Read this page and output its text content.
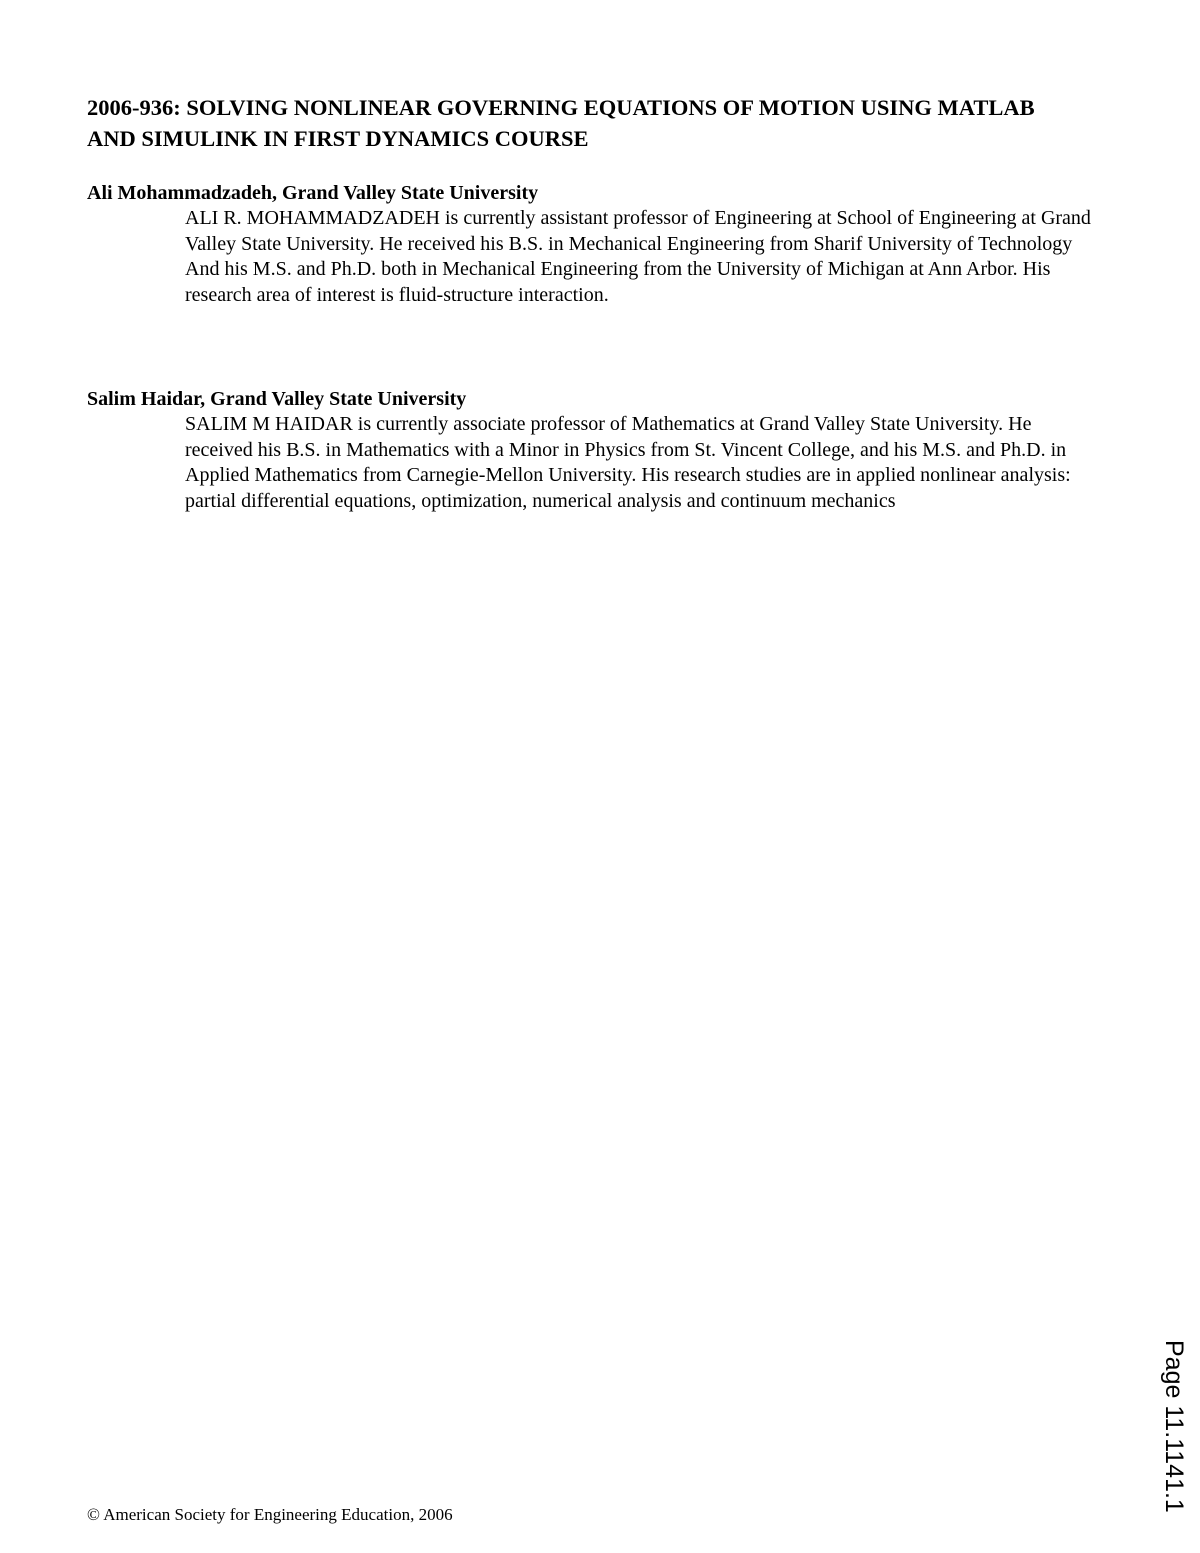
2006-936: SOLVING NONLINEAR GOVERNING EQUATIONS OF MOTION USING MATLAB AND SIMULINK IN FIRST DYNAMICS COURSE

Ali Mohammadzadeh, Grand Valley State University

ALI R. MOHAMMADZADEH is currently assistant professor of Engineering at School of Engineering at Grand Valley State University. He received his B.S. in Mechanical Engineering from Sharif University of Technology And his M.S. and Ph.D. both in Mechanical Engineering from the University of Michigan at Ann Arbor. His research area of interest is fluid-structure interaction.

Salim Haidar, Grand Valley State University

SALIM M HAIDAR is currently associate professor of Mathematics at Grand Valley State University. He received his B.S. in Mathematics with a Minor in Physics from St. Vincent College, and his M.S. and Ph.D. in Applied Mathematics from Carnegie-Mellon University. His research studies are in applied nonlinear analysis: partial differential equations, optimization, numerical analysis and continuum mechanics

© American Society for Engineering Education, 2006
Page 11.1141.1
